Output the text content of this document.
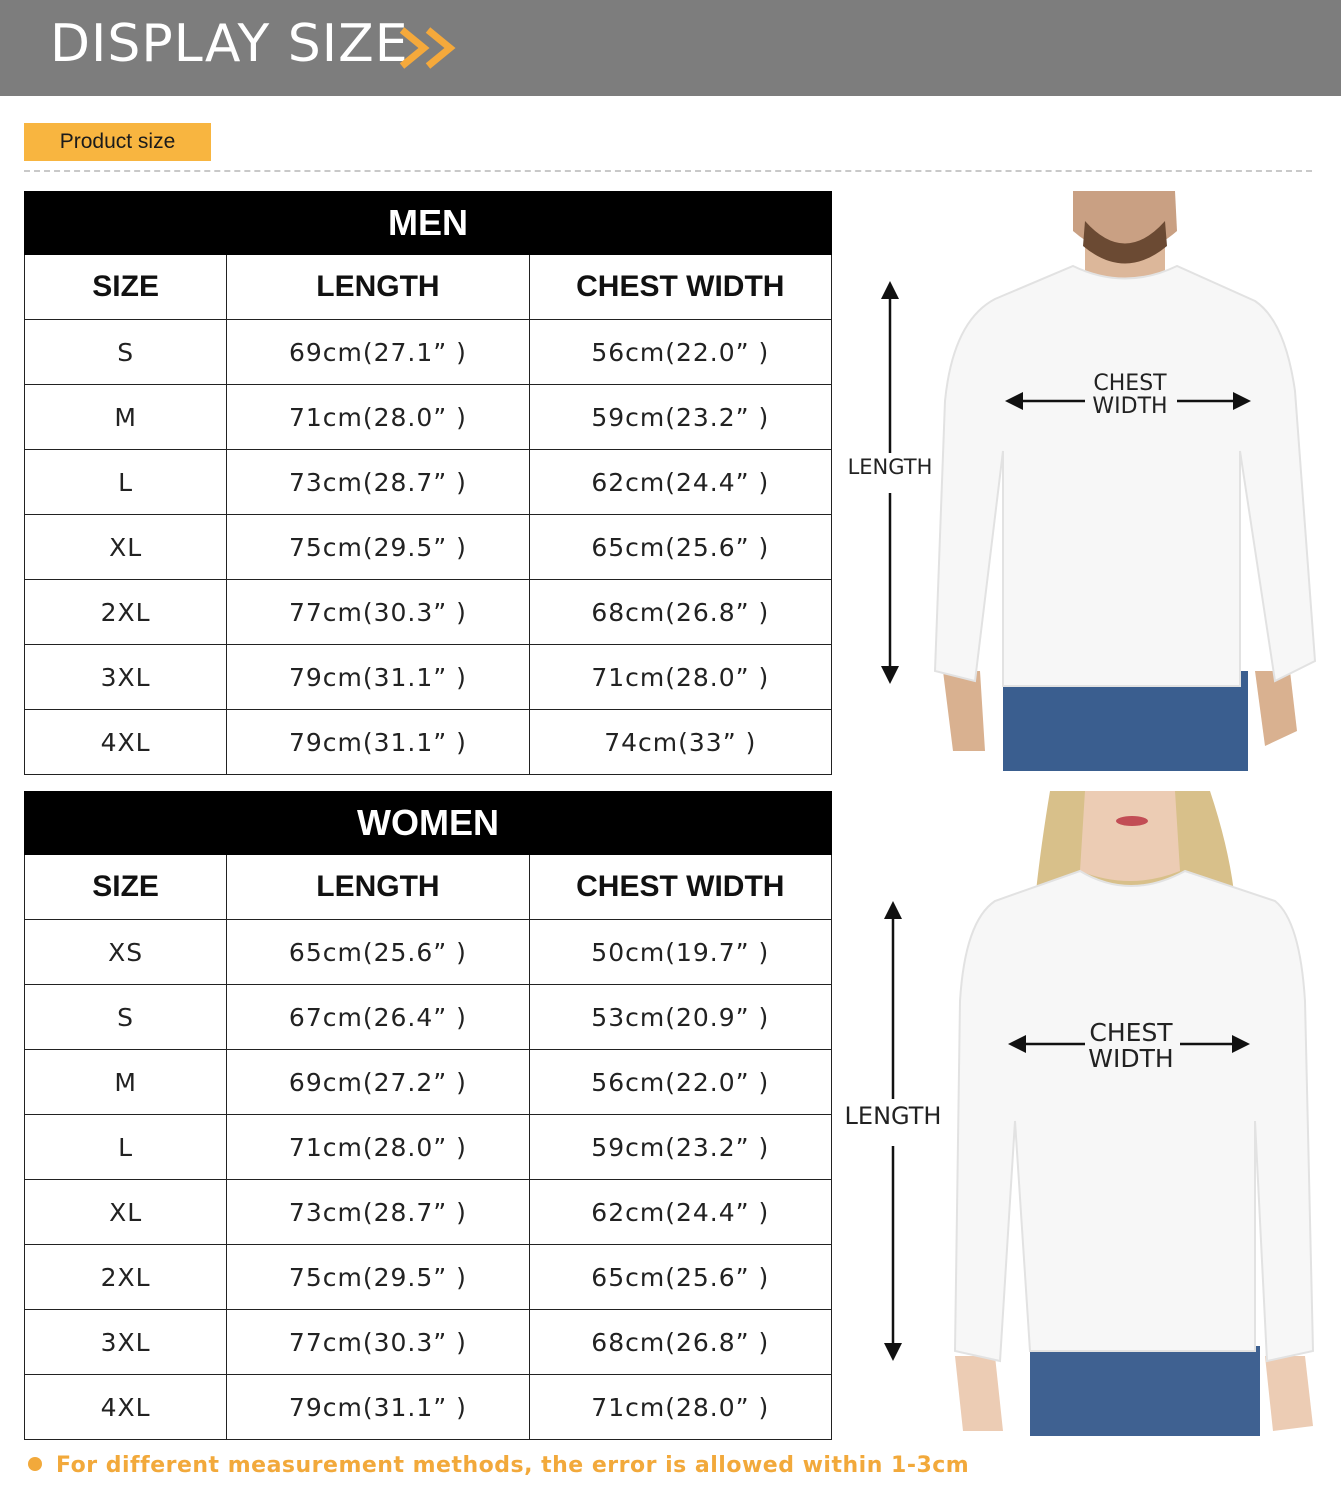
DISPLAY SIZE
Product size
MEN		
SIZE	LENGTH	CHEST WIDTH
S	69cm(27.1” )	56cm(22.0” )
M	71cm(28.0” )	59cm(23.2” )
L	73cm(28.7” )	62cm(24.4” )
XL	75cm(29.5” )	65cm(25.6” )
2XL	77cm(30.3” )	68cm(26.8” )
3XL	79cm(31.1” )	71cm(28.0” )
4XL	79cm(31.1” )	74cm(33” )
WOMEN		
SIZE	LENGTH	CHEST WIDTH
XS	65cm(25.6” )	50cm(19.7” )
S	67cm(26.4” )	53cm(20.9” )
M	69cm(27.2” )	56cm(22.0” )
L	71cm(28.0” )	59cm(23.2” )
XL	73cm(28.7” )	62cm(24.4” )
2XL	75cm(29.5” )	65cm(25.6” )
3XL	77cm(30.3” )	68cm(26.8” )
4XL	79cm(31.1” )	71cm(28.0” )
LENGTH
CHEST
WIDTH
LENGTH
CHEST
WIDTH
For different measurement methods, the error is allowed within 1-3cm
